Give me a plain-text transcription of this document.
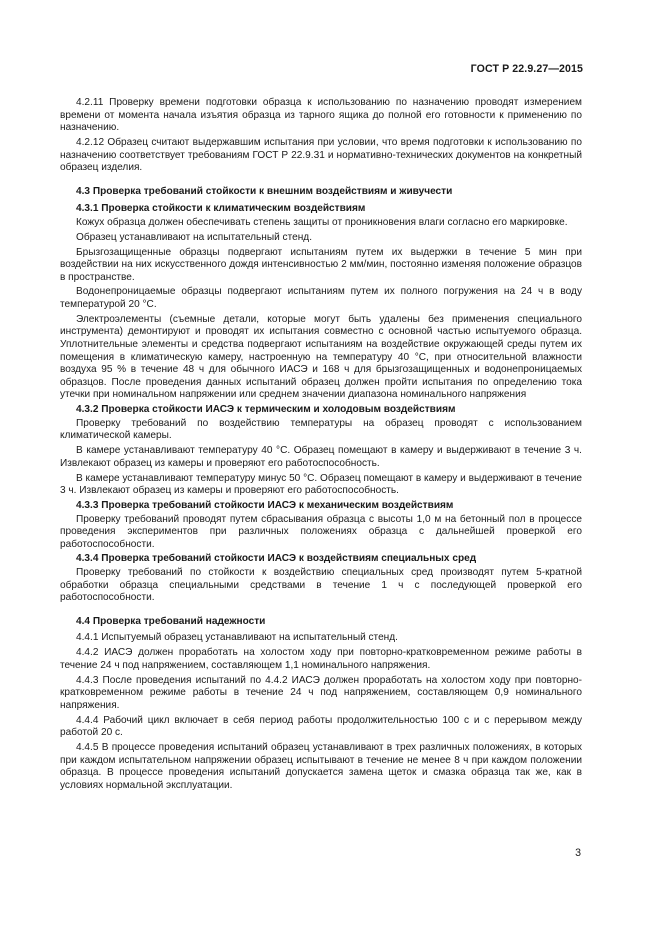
ГОСТ Р 22.9.27—2015

4.2.11 Проверку времени подготовки образца к использованию по назначению проводят измерением времени от момента начала изъятия образца из тарного ящика до полной его готовности к применению по назначению.

4.2.12 Образец считают выдержавшим испытания при условии, что время подготовки к использованию по назначению соответствует требованиям ГОСТ Р 22.9.31 и нормативно-технических документов на конкретный образец изделия.

4.3 Проверка требований стойкости к внешним воздействиям и живучести
4.3.1 Проверка стойкости к климатическим воздействиям

Кожух образца должен обеспечивать степень защиты от проникновения влаги согласно его маркировке.

Образец устанавливают на испытательный стенд.

Брызгозащищенные образцы подвергают испытаниям путем их выдержки в течение 5 мин при воздействии на них искусственного дождя интенсивностью 2 мм/мин, постоянно изменяя положение образцов в пространстве.

Водонепроницаемые образцы подвергают испытаниям путем их полного погружения на 24 ч в воду температурой 20 °С.

Электроэлементы (съемные детали, которые могут быть удалены без применения специального инструмента) демонтируют и проводят их испытания совместно с основной частью испытуемого образца. Уплотнительные элементы и средства подвергают испытаниям на воздействие окружающей среды путем их помещения в климатическую камеру, настроенную на температуру 40 °С, при относительной влажности воздуха 95 % в течение 48 ч для обычного ИАСЭ и 168 ч для брызгозащищенных и водонепроницаемых образцов. После проведения данных испытаний образец должен пройти испытания по определению тока утечки при номинальном напряжении или среднем значении диапазона номинального напряжения

4.3.2 Проверка стойкости ИАСЭ к термическим и холодовым воздействиям

Проверку требований по воздействию температуры на образец проводят с использованием климатической камеры.

В камере устанавливают температуру 40 °С. Образец помещают в камеру и выдерживают в течение 3 ч. Извлекают образец из камеры и проверяют его работоспособность.

В камере устанавливают температуру минус 50 °С. Образец помещают в камеру и выдерживают в течение 3 ч. Извлекают образец из камеры и проверяют его работоспособность.

4.3.3 Проверка требований стойкости ИАСЭ к механическим воздействиям

Проверку требований проводят путем сбрасывания образца с высоты 1,0 м на бетонный пол в процессе проведения экспериментов при различных положениях образца с дальнейшей проверкой его работоспособности.

4.3.4 Проверка требований стойкости ИАСЭ к воздействиям специальных сред

Проверку требований по стойкости к воздействию специальных сред производят путем 5-кратной обработки образца специальными средствами в течение 1 ч с последующей проверкой его работоспособности.

4.4 Проверка требований надежности

4.4.1 Испытуемый образец устанавливают на испытательный стенд.

4.4.2 ИАСЭ должен проработать на холостом ходу при повторно-кратковременном режиме работы в течение 24 ч под напряжением, составляющем 1,1 номинального напряжения.

4.4.3 После проведения испытаний по 4.4.2 ИАСЭ должен проработать на холостом ходу при повторно-кратковременном режиме работы в течение 24 ч под напряжением, составляющем 0,9 номинального напряжения.

4.4.4 Рабочий цикл включает в себя период работы продолжительностью 100 с и с перерывом между работой 20 с.

4.4.5 В процессе проведения испытаний образец устанавливают в трех различных положениях, в которых при каждом испытательном напряжении образец испытывают в течение не менее 8 ч при каждом положении образца. В процессе проведения испытаний допускается замена щеток и смазка образца так же, как в условиях нормальной эксплуатации.

3
